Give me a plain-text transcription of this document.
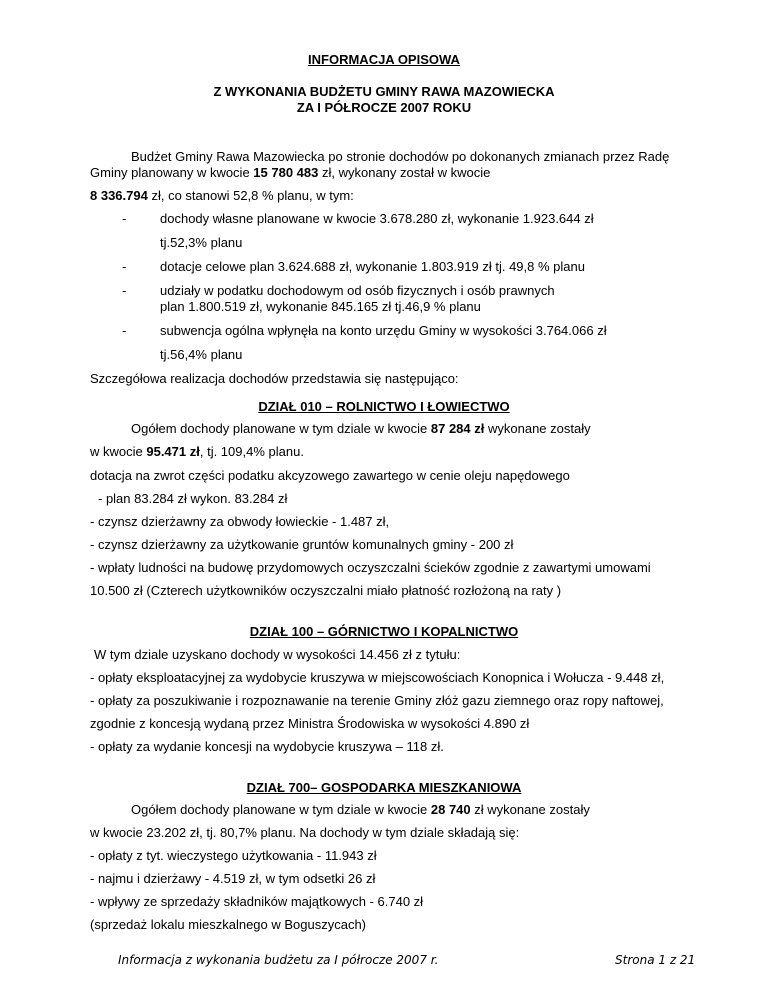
INFORMACJA OPISOWA
Z WYKONANIA BUDŻETU GMINY RAWA MAZOWIECKA
ZA I PÓŁROCZE 2007 ROKU
Budżet Gminy Rawa Mazowiecka po stronie dochodów po dokonanych zmianach przez Radę
Gminy planowany w kwocie 15 780 483 zł, wykonany został w kwocie
8 336.794 zł, co stanowi 52,8 % planu, w tym:
-	dochody własne planowane w kwocie 3.678.280 zł, wykonanie 1.923.644 zł
tj.52,3% planu
-	dotacje celowe plan 3.624.688 zł, wykonanie 1.803.919 zł tj. 49,8 % planu
-	udziały w podatku dochodowym od osób fizycznych i osób prawnych
plan 1.800.519 zł, wykonanie 845.165 zł tj.46,9 % planu
-	subwencja ogólna wpłynęła na konto urzędu Gminy w wysokości 3.764.066 zł
tj.56,4% planu
Szczegółowa realizacja dochodów przedstawia się następująco:
DZIAŁ 010 – ROLNICTWO I ŁOWIECTWO
Ogółem dochody planowane w tym dziale w kwocie 87 284 zł wykonane zostały
w kwocie 95.471 zł, tj. 109,4% planu.
dotacja na zwrot części podatku akcyzowego zawartego w cenie oleju napędowego
- plan 83.284 zł wykon. 83.284 zł
- czynsz dzierżawny za obwody łowieckie - 1.487 zł,
- czynsz dzierżawny za użytkowanie gruntów komunalnych gminy - 200 zł
- wpłaty ludności na budowę przydomowych oczyszczalni ścieków zgodnie z zawartymi umowami
10.500 zł (Czterech użytkowników oczyszczalni miało płatność rozłożoną na raty )
DZIAŁ 100 – GÓRNICTWO I KOPALNICTWO
W tym dziale uzyskano dochody w wysokości 14.456 zł z tytułu:
- opłaty eksploatacyjnej za wydobycie kruszywa w miejscowościach Konopnica i Wołucza - 9.448 zł,
- opłaty za poszukiwanie i rozpoznawanie na terenie Gminy złóż gazu ziemnego oraz ropy naftowej,
zgodnie z koncesją wydaną przez Ministra Środowiska w wysokości 4.890 zł
- opłaty za wydanie koncesji na wydobycie kruszywa – 118 zł.
DZIAŁ 700– GOSPODARKA MIESZKANIOWA
Ogółem dochody planowane w tym dziale w kwocie 28 740 zł wykonane zostały
w kwocie 23.202 zł, tj. 80,7% planu. Na dochody w tym dziale składają się:
- opłaty z tyt. wieczystego użytkowania - 11.943 zł
- najmu i dzierżawy - 4.519 zł, w tym odsetki 26 zł
- wpływy ze sprzedaży składników majątkowych - 6.740 zł
(sprzedaż lokalu mieszkalnego w Boguszycach)
Informacja z wykonania budżetu za I półrocze 2007 r.	Strona 1 z 21
